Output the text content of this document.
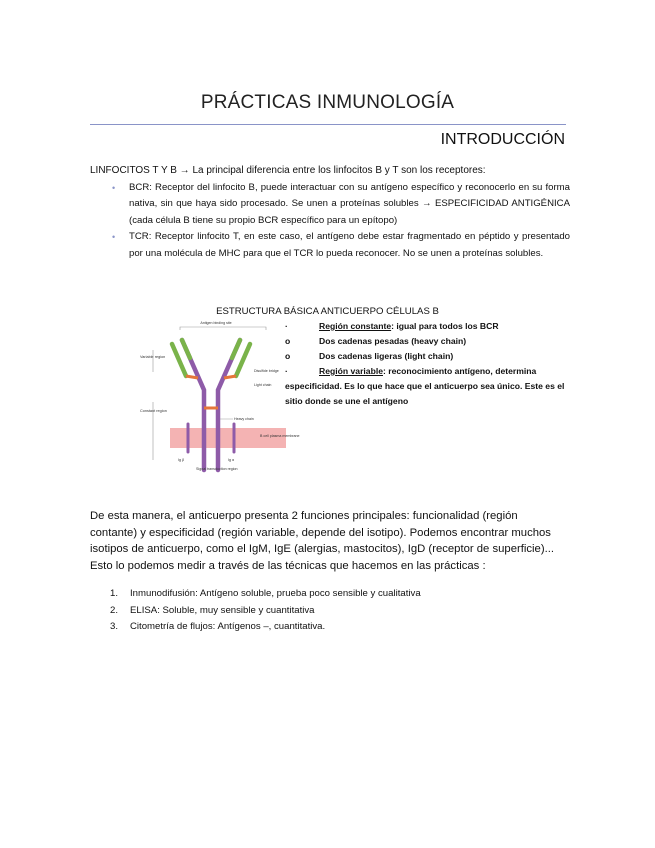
PRÁCTICAS INMUNOLOGÍA
INTRODUCCIÓN
LINFOCITOS T Y B → La principal diferencia entre los linfocitos B y T son los receptores:
• BCR: Receptor del linfocito B, puede interactuar con su antígeno específico y reconocerlo en su forma nativa, sin que haya sido procesado. Se unen a proteínas solubles → ESPECIFICIDAD ANTIGÉNICA (cada célula B tiene su propio BCR específico para un epítopo)
• TCR: Receptor linfocito T, en este caso, el antígeno debe estar fragmentado en péptido y presentado por una molécula de MHC para que el TCR lo pueda reconocer. No se unen a proteínas solubles.
ESTRUCTURA BÁSICA ANTICUERPO CÉLULAS B
Antigen binding site
Variable region
Constant region
B cell plasma membrane
Disulfide bridge
Light chain
Heavy chain
Ig β	Ig α
Signal transduction region
·	Región constante: igual para todos los BCR
o	Dos cadenas pesadas (heavy chain)
o	Dos cadenas ligeras (light chain)
·	Región variable: reconocimiento antígeno, determina
especificidad. Es lo que hace que el anticuerpo sea único. Este es el sitio donde se une el antígeno
De esta manera, el anticuerpo presenta 2 funciones principales: funcionalidad (región contante) y especificidad (región variable, depende del isotipo). Podemos encontrar muchos isotipos de anticuerpo, como el IgM, IgE (alergias, mastocitos), IgD (receptor de superficie)...
Esto lo podemos medir a través de las técnicas que hacemos en las prácticas :
1. Inmunodifusión: Antígeno soluble, prueba poco sensible y cualitativa
2. ELISA: Soluble, muy sensible y cuantitativa
3. Citometría de flujos: Antígenos –, cuantitativa.
